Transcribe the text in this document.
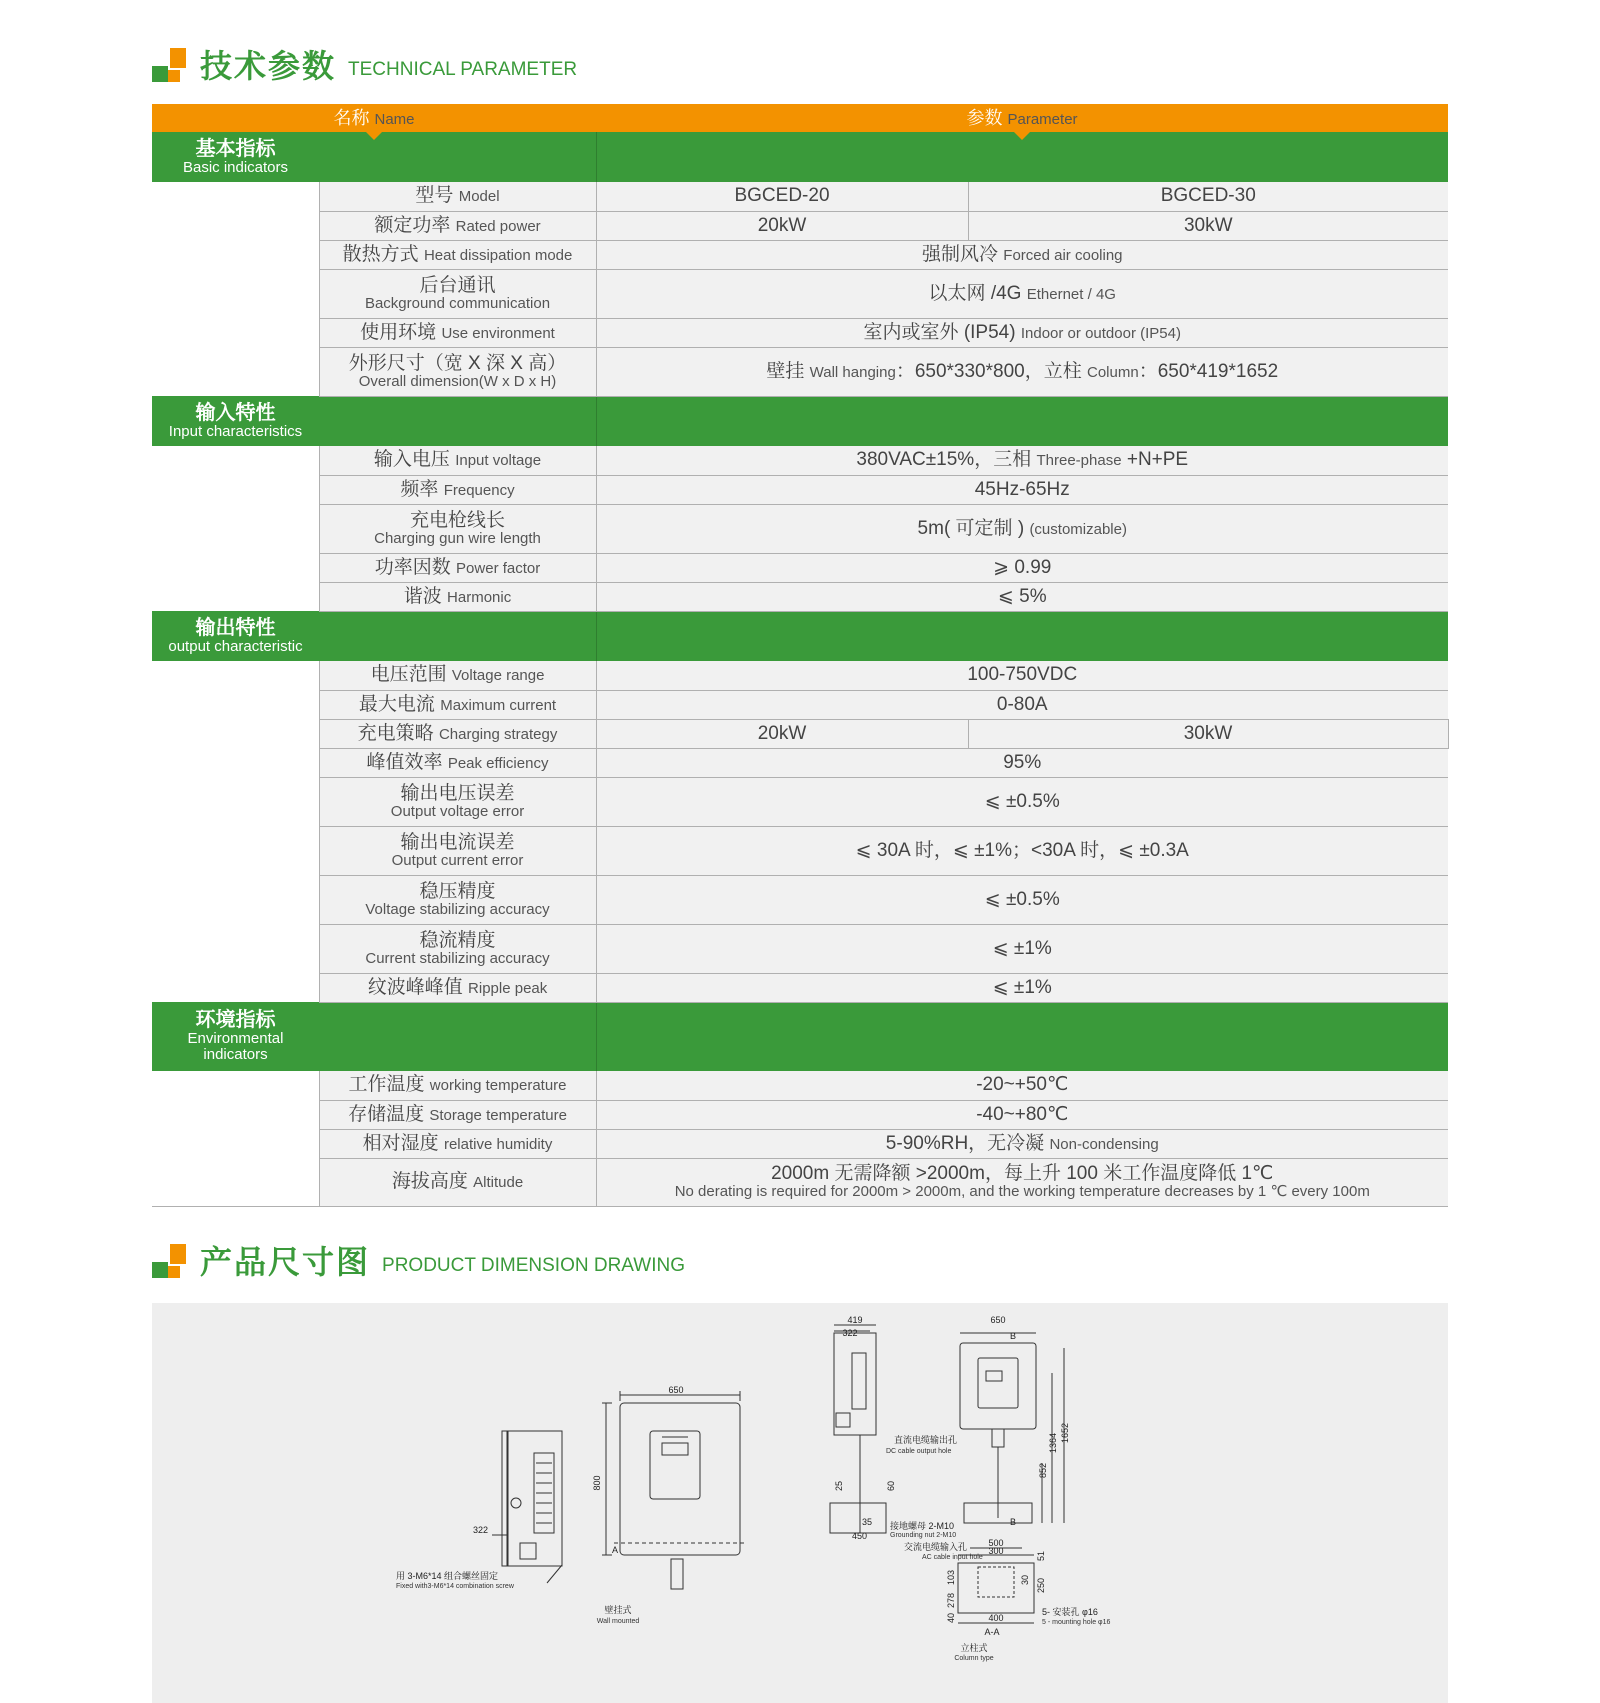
技术参数 TECHNICAL PARAMETER
名称 Name		参数 Parameter	

基本指标
Basic indicators			

	型号 Model	BGCED-20	BGCED-30
	额定功率 Rated power	20kW	30kW
	散热方式 Heat dissipation mode	强制风冷 Forced air cooling	
	后台通讯
Background communication	以太网 /4G Ethernet / 4G	
	使用环境 Use environment	室内或室外 (IP54) Indoor or outdoor (IP54)	
	外形尺寸（宽 X 深 X 高）
Overall dimension(W x D x H)	壁挂 Wall hanging：650*330*800，立柱 Column：650*419*1652	
输入特性
Input characteristics			

	输入电压 Input voltage	380VAC±15%，三相 Three-phase +N+PE	
	频率 Frequency	45Hz-65Hz	
	充电枪线长
Charging gun wire length	5m( 可定制 ) (customizable)	
	功率因数 Power factor	⩾ 0.99	
	谐波 Harmonic	⩽ 5%	
输出特性
output characteristic			

	电压范围 Voltage range	100-750VDC	
	最大电流 Maximum current	0-80A	
	充电策略 Charging strategy	20kW	30kW
	峰值效率 Peak efficiency	95%	
	输出电压误差
Output voltage error	⩽ ±0.5%	
	输出电流误差
Output current error	⩽ 30A 时，⩽ ±1%；<30A 时，⩽ ±0.3A	
	稳压精度
Voltage stabilizing accuracy	⩽ ±0.5%	
	稳流精度
Current stabilizing accuracy	⩽ ±1%	
	纹波峰峰值 Ripple peak	⩽ ±1%	
环境指标
Environmental
indicators			

	工作温度 working temperature	-20~+50℃	
	存储温度 Storage temperature	-40~+80℃	
	相对湿度 relative humidity	5-90%RH，无冷凝 Non-condensing	
	海拔高度 Altitude	2000m 无需降额 >2000m，每上升 100 米工作温度降低 1℃
No derating is required for 2000m > 2000m, and the working temperature decreases by 1 ℃ every 100m	
产品尺寸图 PRODUCT DIMENSION DRAWING
650
800
322
用 3-M6*14 组合螺丝固定
Fixed with3-M6*14 combination screw
壁挂式
Wall mounted
A
419
322
650
1652
1364
852
25	60
35
450
直流电缆输出孔
DC cable output hole
接地螺母 2-M10
Grounding nut 2-M10
交流电缆输入孔
AC cable input hole
500
300
400
51
30 250
103
278
40
5- 安装孔 φ16
5 - mounting hole φ16
A-A
立柱式
Column type
B
B
